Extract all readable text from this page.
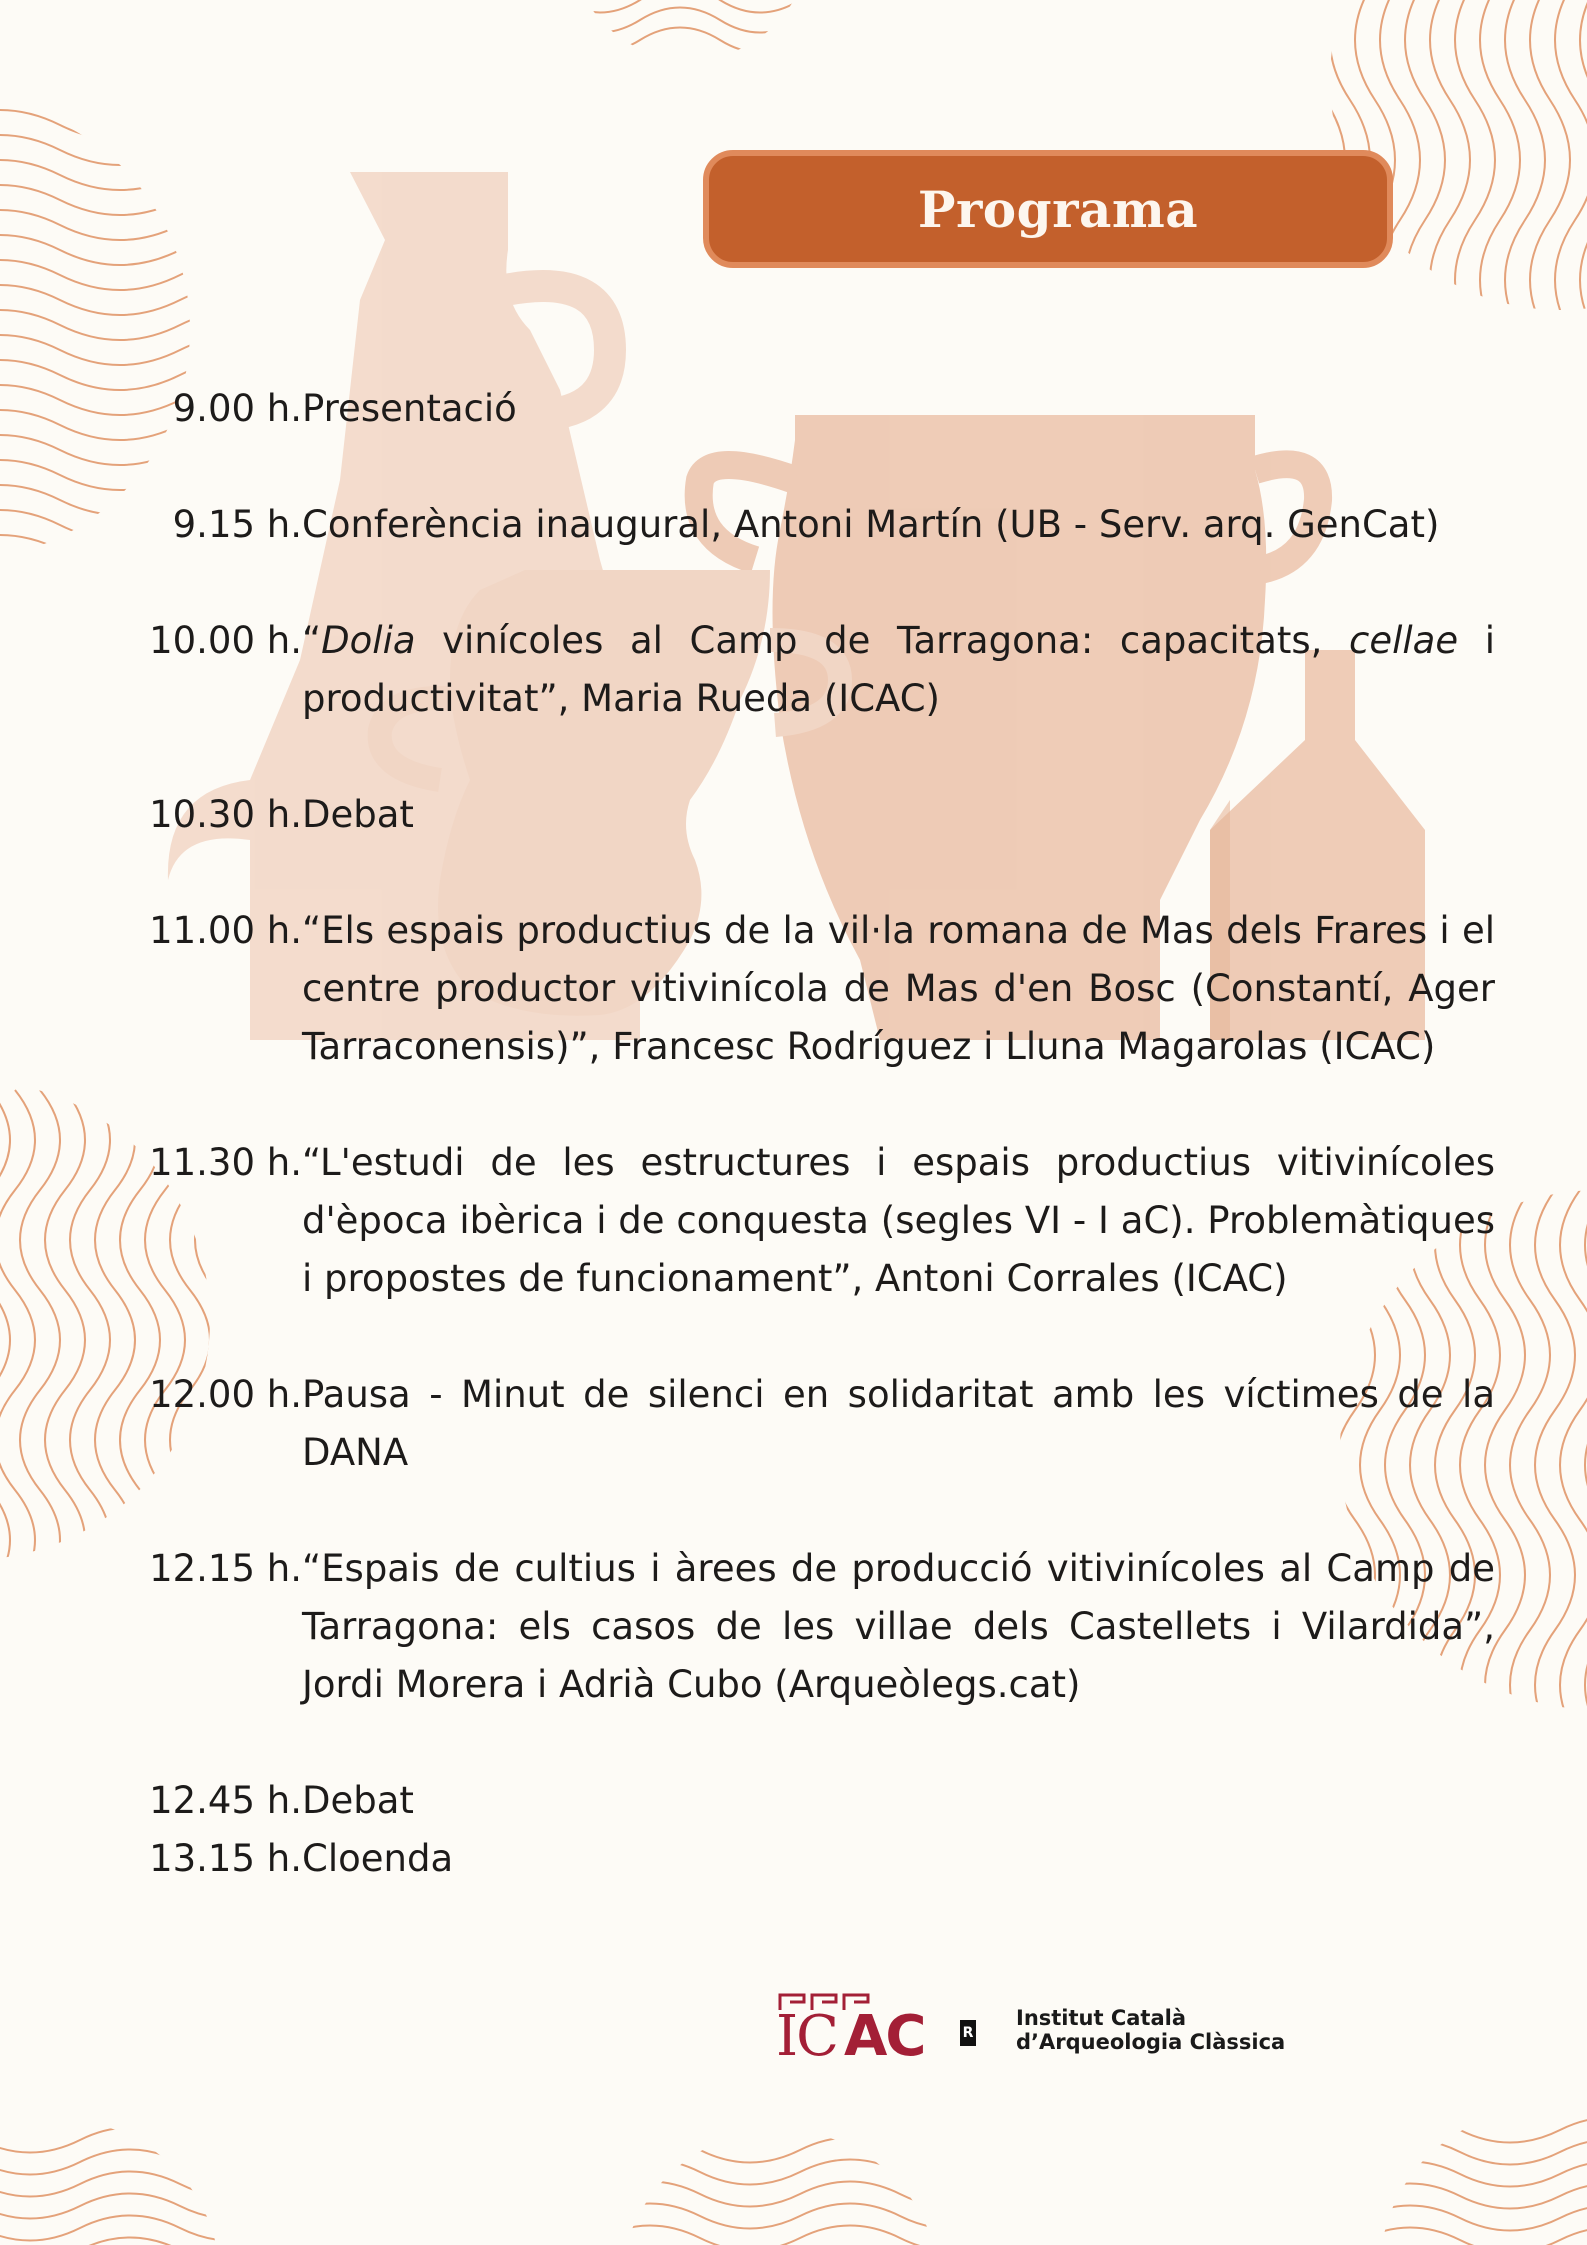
Programa
9.00 h. Presentació
9.15 h. Conferència inaugural, Antoni Martín (UB - Serv. arq. GenCat)
10.00 h. “Dolia vinícoles al Camp de Tarragona: capacitats, cellae i productivitat”, Maria Rueda (ICAC)
10.30 h. Debat
11.00 h. “Els espais productius de la vil·la romana de Mas dels Frares i el centre productor vitivinícola de Mas d'en Bosc (Constantí, Ager Tarraconensis)”, Francesc Rodríguez i Lluna Magarolas (ICAC)
11.30 h. “L'estudi de les estructures i espais productius vitivinícoles d'època ibèrica i de conquesta (segles VI - I aC). Problemàtiques i propostes de funcionament”, Antoni Corrales (ICAC)
12.00 h. Pausa - Minut de silenci en solidaritat amb les víctimes de la DANA
12.15 h. “Espais de cultius i àrees de producció vitivinícoles al Camp de Tarragona: els casos de les villae dels Castellets i Vilardida”, Jordi Morera i Adrià Cubo (Arqueòlegs.cat)
12.45 h. Debat
13.15 h. Cloenda
IC AC	R
Institut Català
d’Arqueologia Clàssica
